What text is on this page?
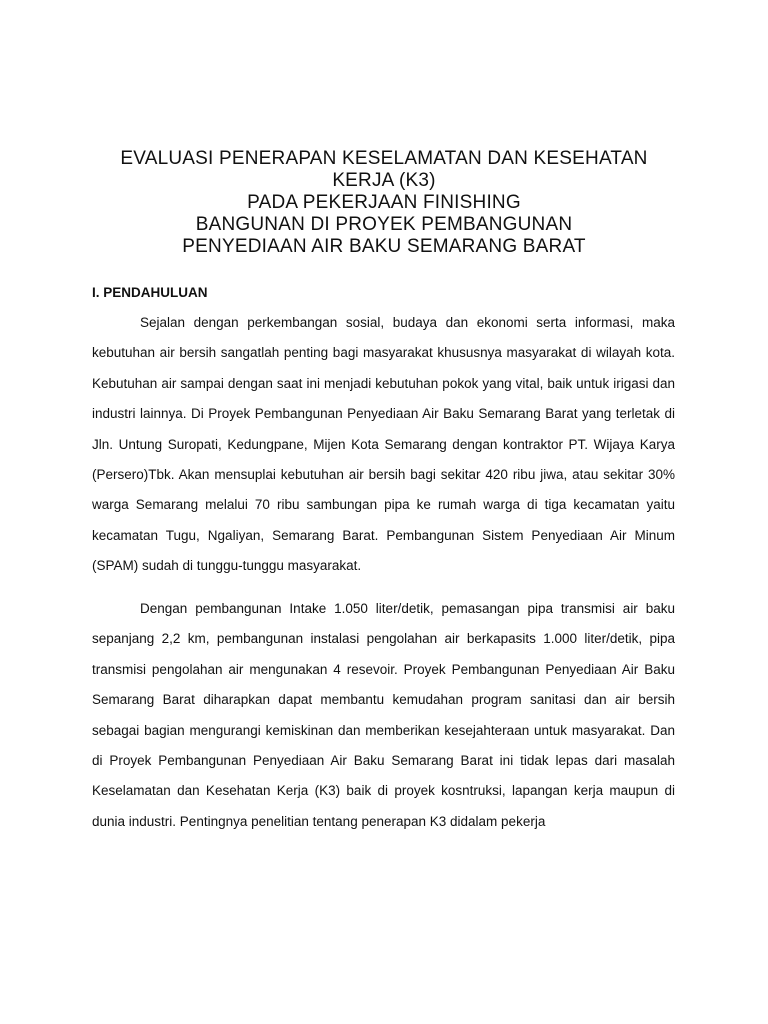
EVALUASI PENERAPAN KESELAMATAN DAN KESEHATAN
KERJA (K3)
PADA PEKERJAAN FINISHING
BANGUNAN DI PROYEK PEMBANGUNAN
PENYEDIAAN AIR BAKU SEMARANG BARAT
I. PENDAHULUAN

Sejalan dengan perkembangan sosial, budaya dan ekonomi serta informasi, maka kebutuhan air bersih sangatlah penting bagi masyarakat khususnya masyarakat di wilayah kota. Kebutuhan air sampai dengan saat ini menjadi kebutuhan pokok yang vital, baik untuk irigasi dan industri lainnya. Di Proyek Pembangunan Penyediaan Air Baku Semarang Barat yang terletak di Jln. Untung Suropati, Kedungpane, Mijen Kota Semarang dengan kontraktor PT. Wijaya Karya (Persero)Tbk. Akan mensuplai kebutuhan air bersih bagi sekitar 420 ribu jiwa, atau sekitar 30% warga Semarang melalui 70 ribu sambungan pipa ke rumah warga di tiga kecamatan yaitu kecamatan Tugu, Ngaliyan, Semarang Barat. Pembangunan Sistem Penyediaan Air Minum (SPAM) sudah di tunggu-tunggu masyarakat.

Dengan pembangunan Intake 1.050 liter/detik, pemasangan pipa transmisi air baku sepanjang 2,2 km, pembangunan instalasi pengolahan air berkapasits 1.000 liter/detik, pipa transmisi pengolahan air mengunakan 4 resevoir. Proyek Pembangunan Penyediaan Air Baku Semarang Barat diharapkan dapat membantu kemudahan program sanitasi dan air bersih sebagai bagian mengurangi kemiskinan dan memberikan kesejahteraan untuk masyarakat. Dan di Proyek Pembangunan Penyediaan Air Baku Semarang Barat ini tidak lepas dari masalah Keselamatan dan Kesehatan Kerja (K3) baik di proyek kosntruksi, lapangan kerja maupun di dunia industri. Pentingnya penelitian tentang penerapan K3 didalam pekerja
